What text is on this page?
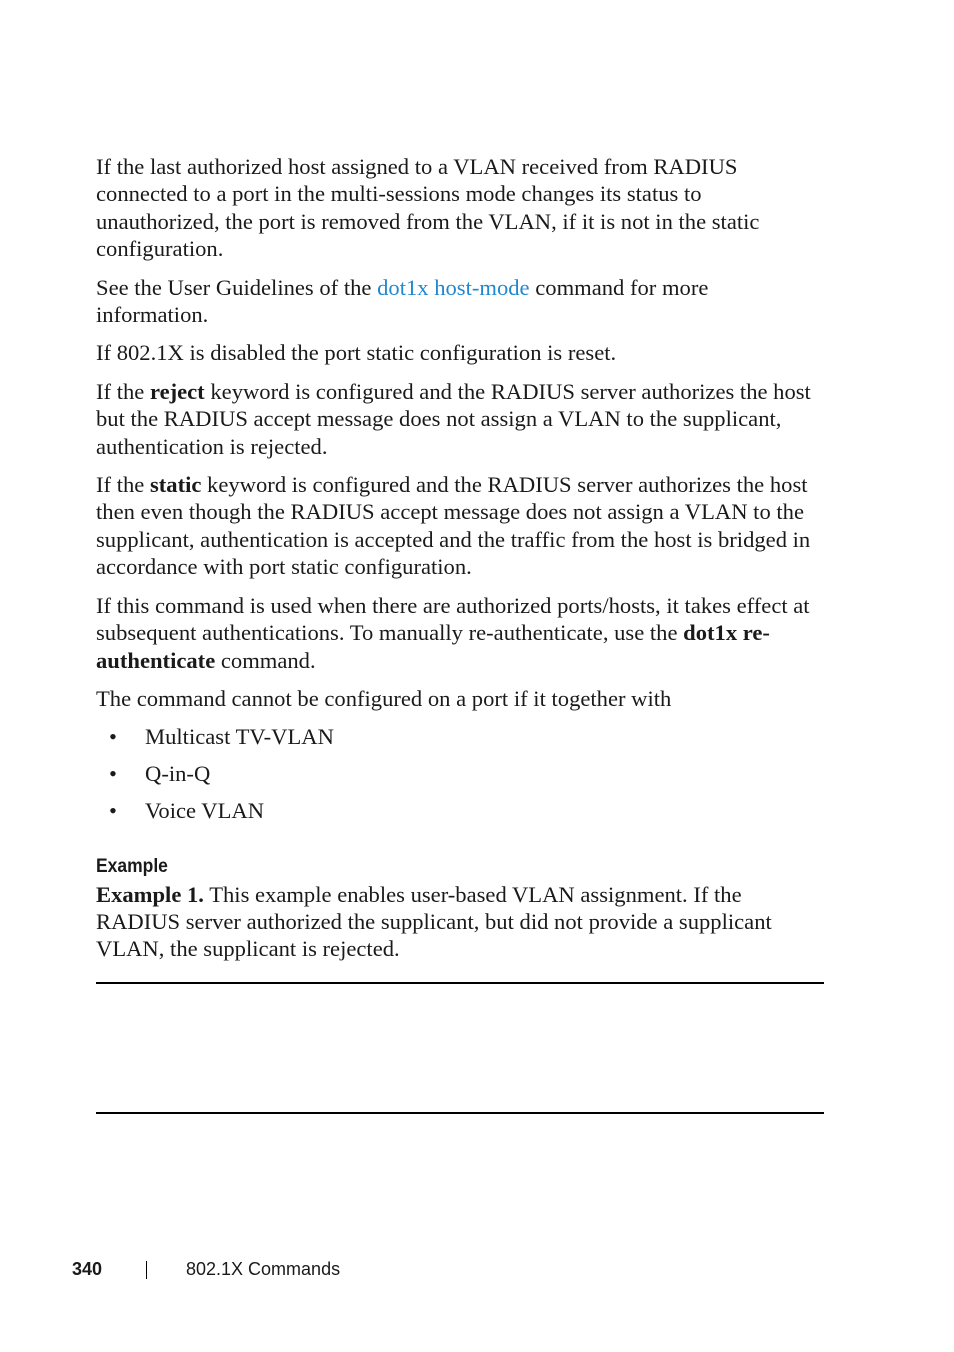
If the last authorized host assigned to a VLAN received from RADIUS connected to a port in the multi-sessions mode changes its status to unauthorized, the port is removed from the VLAN, if it is not in the static configuration.

See the User Guidelines of the dot1x host-mode command for more information.

If 802.1X is disabled the port static configuration is reset.

If the reject keyword is configured and the RADIUS server authorizes the host but the RADIUS accept message does not assign a VLAN to the supplicant, authentication is rejected.

If the static keyword is configured and the RADIUS server authorizes the host then even though the RADIUS accept message does not assign a VLAN to the supplicant, authentication is accepted and the traffic from the host is bridged in accordance with port static configuration.

If this command is used when there are authorized ports/hosts, it takes effect at subsequent authentications. To manually re-authenticate, use the dot1x re-authenticate command.

The command cannot be configured on a port if it together with

• Multicast TV-VLAN
• Q-in-Q
• Voice VLAN
Example

Example 1. This example enables user-based VLAN assignment. If the RADIUS server authorized the supplicant, but did not provide a supplicant VLAN, the supplicant is rejected.

340	802.1X Commands
